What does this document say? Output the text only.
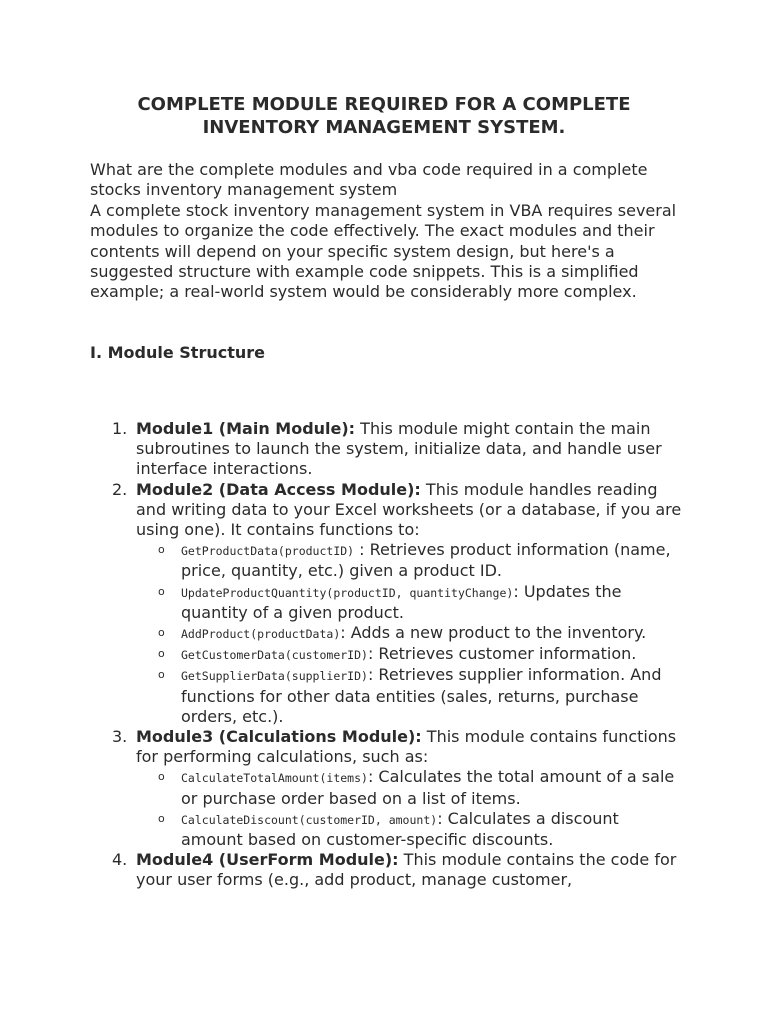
COMPLETE MODULE REQUIRED FOR A COMPLETE INVENTORY MANAGEMENT SYSTEM.

What are the complete modules and vba code required in a complete stocks inventory management system

A complete stock inventory management system in VBA requires several modules to organize the code effectively. The exact modules and their contents will depend on your specific system design, but here's a suggested structure with example code snippets. This is a simplified example; a real-world system would be considerably more complex.

I. Module Structure
1. Module1 (Main Module): This module might contain the main subroutines to launch the system, initialize data, and handle user interface interactions.
2. Module2 (Data Access Module): This module handles reading and writing data to your Excel worksheets (or a database, if you are using one). It contains functions to:
o GetProductData(productID) : Retrieves product information (name, price, quantity, etc.) given a product ID.
o UpdateProductQuantity(productID, quantityChange): Updates the quantity of a given product.
o AddProduct(productData): Adds a new product to the inventory.
o GetCustomerData(customerID): Retrieves customer information.
o GetSupplierData(supplierID): Retrieves supplier information. And functions for other data entities (sales, returns, purchase orders, etc.).
3. Module3 (Calculations Module): This module contains functions for performing calculations, such as:
o CalculateTotalAmount(items): Calculates the total amount of a sale or purchase order based on a list of items.
o CalculateDiscount(customerID, amount): Calculates a discount amount based on customer-specific discounts.
4. Module4 (UserForm Module): This module contains the code for your user forms (e.g., add product, manage customer,
